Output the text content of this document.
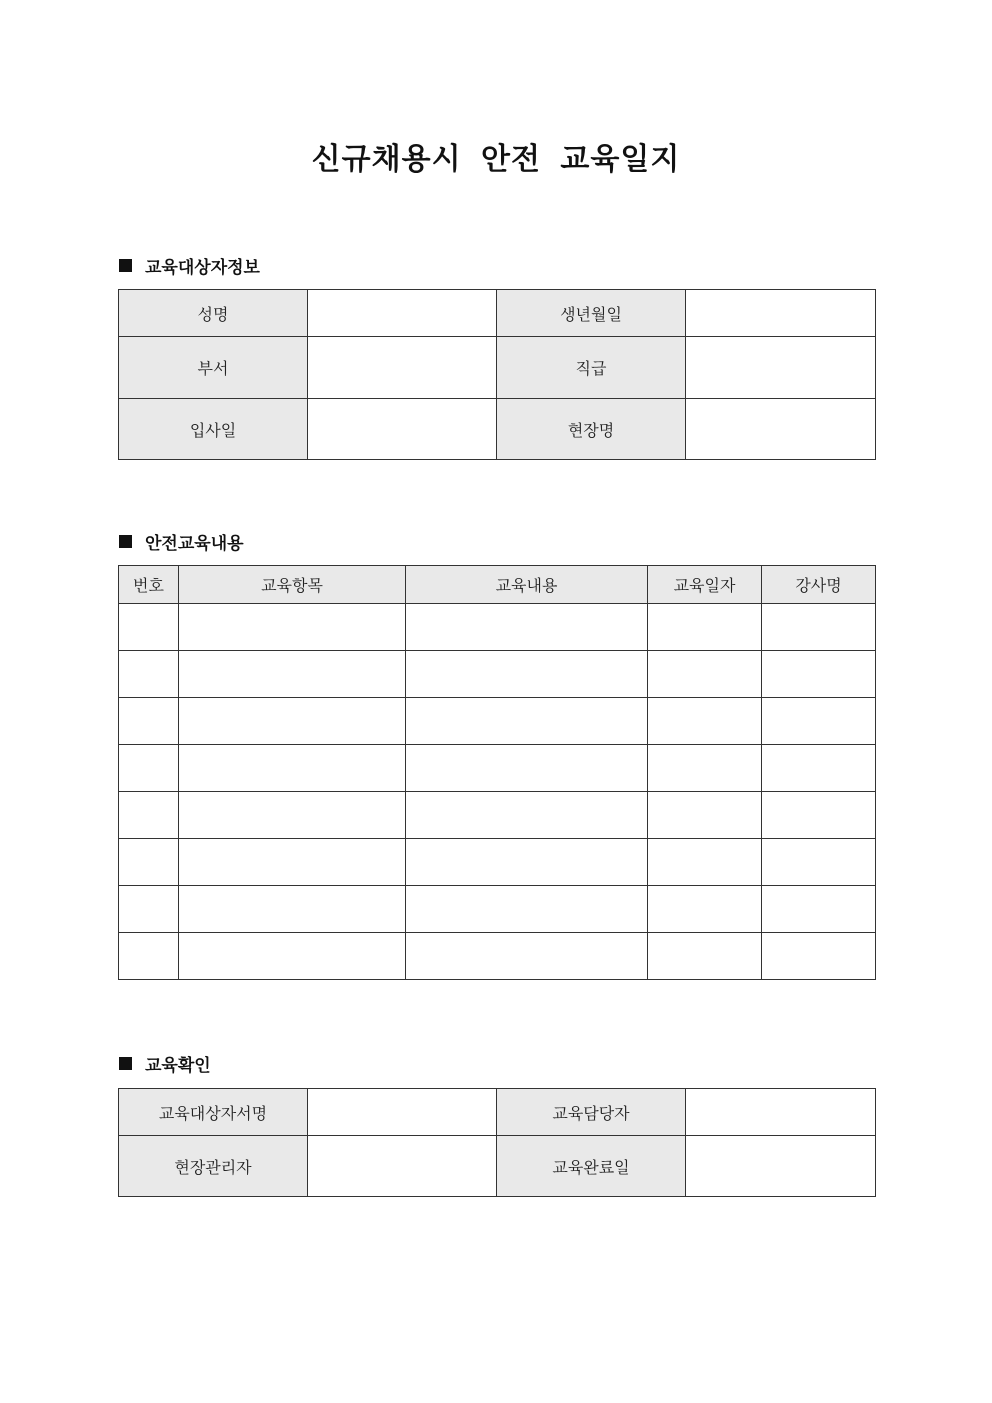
신규채용시 안전 교육일지
교육대상자정보
성명		생년월일	
부서		직급	
입사일		현장명	
안전교육내용
번호	교육항목	교육내용	교육일자	강사명

교육확인
교육대상자서명		교육담당자	
현장관리자		교육완료일	
